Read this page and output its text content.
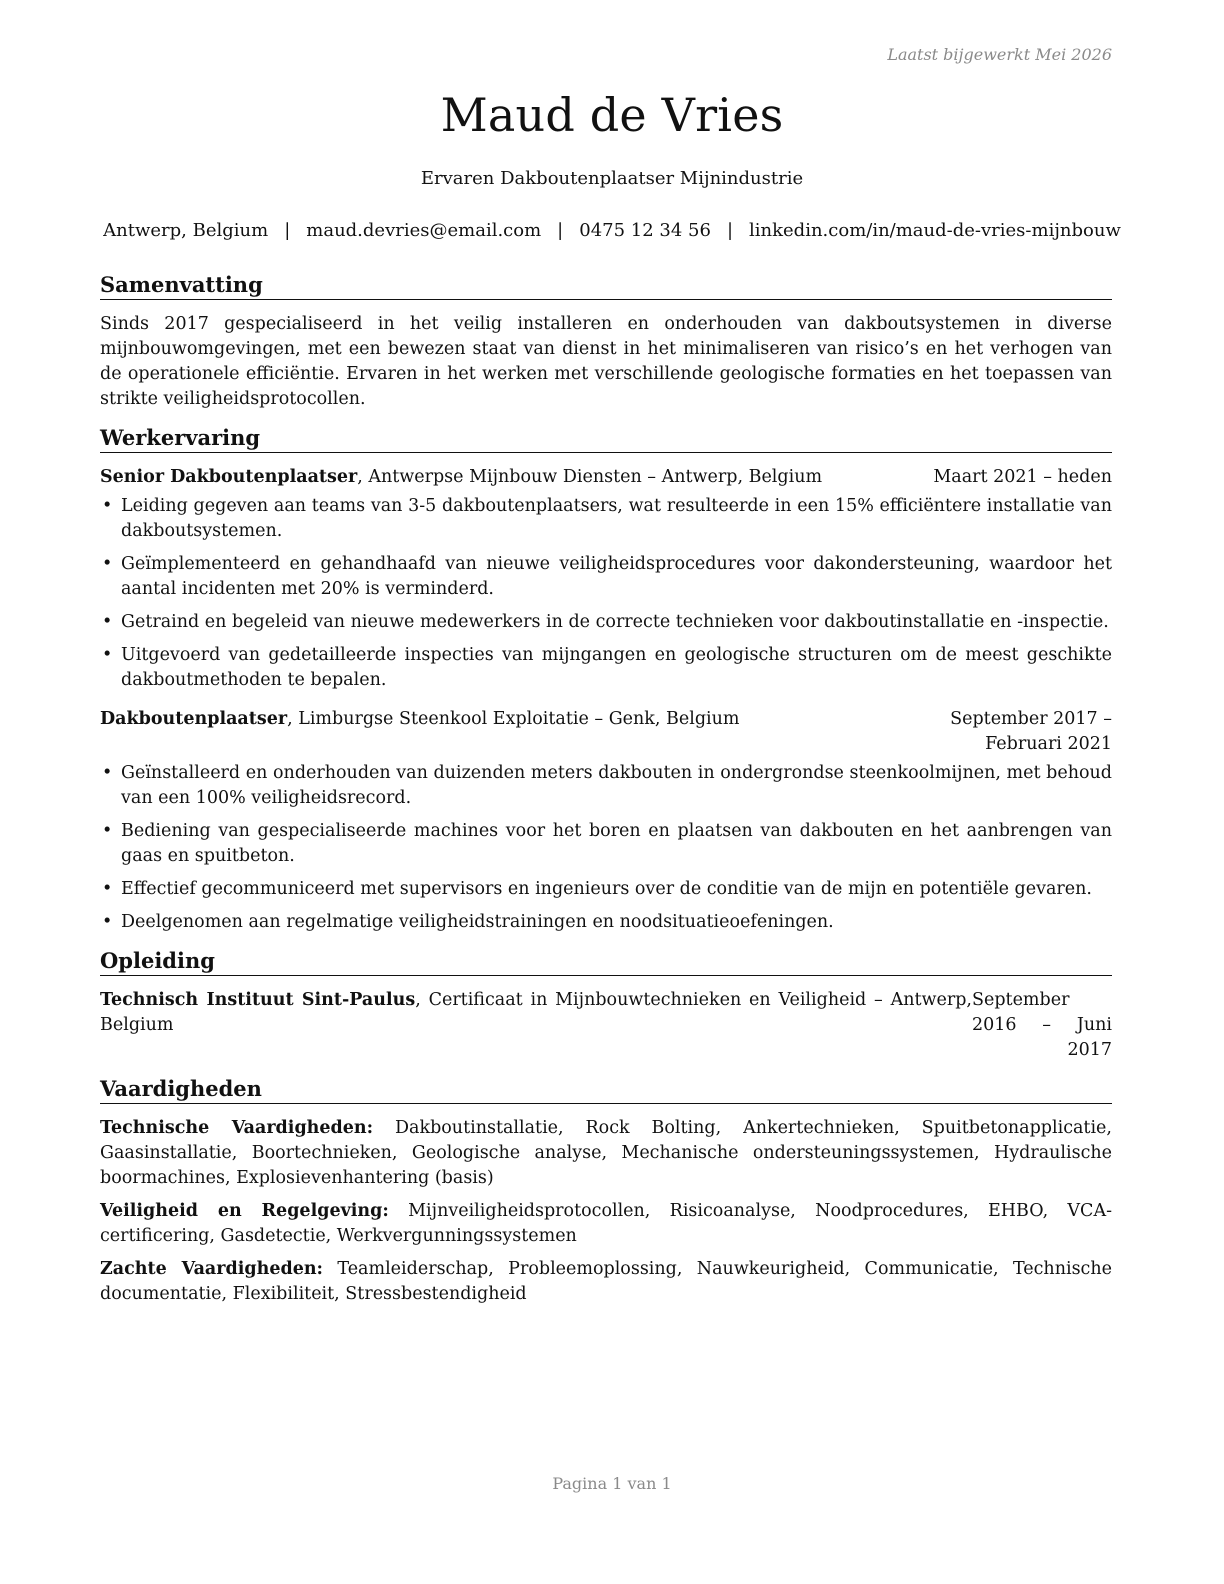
Laatst bijgewerkt Mei 2026
Maud de Vries
Ervaren Dakboutenplaatser Mijnindustrie
Antwerp, Belgium | maud.devries@email.com | 0475 12 34 56 | linkedin.com/in/maud-de-vries-mijnbouw
Samenvatting

Sinds 2017 gespecialiseerd in het veilig installeren en onderhouden van dakboutsystemen in diverse mijnbouwomgevingen, met een bewezen staat van dienst in het minimaliseren van risico’s en het verhogen van de operationele efficiëntie. Ervaren in het werken met verschillende geologische formaties en het toepassen van strikte veiligheidsprotocollen.

Werkervaring
Senior Dakboutenplaatser, Antwerpse Mijnbouw Diensten – Antwerp, Belgium	Maart 2021 – heden
• Leiding gegeven aan teams van 3-5 dakboutenplaatsers, wat resulteerde in een 15% efficiëntere installatie van dakboutsystemen.
• Geïmplementeerd en gehandhaafd van nieuwe veiligheidsprocedures voor dakondersteuning, waardoor het aantal incidenten met 20% is verminderd.
• Getraind en begeleid van nieuwe medewerkers in de correcte technieken voor dakboutinstallatie en -inspectie.
• Uitgevoerd van gedetailleerde inspecties van mijngangen en geologische structuren om de meest geschikte dakboutmethoden te bepalen.
Dakboutenplaatser, Limburgse Steenkool Exploitatie – Genk, Belgium	September 2017 – Februari 2021
• Geïnstalleerd en onderhouden van duizenden meters dakbouten in ondergrondse steenkoolmijnen, met behoud van een 100% veiligheidsrecord.
• Bediening van gespecialiseerde machines voor het boren en plaatsen van dakbouten en het aanbrengen van gaas en spuitbeton.
• Effectief gecommuniceerd met supervisors en ingenieurs over de conditie van de mijn en potentiële gevaren.
• Deelgenomen aan regelmatige veiligheidstrainingen en noodsituatieoefeningen.
Opleiding
Technisch Instituut Sint-Paulus, Certificaat in Mijnbouwtechnieken en Veiligheid – Antwerp, Belgium
September 2016 – Juni 2017
Vaardigheden

Technische Vaardigheden: Dakboutinstallatie, Rock Bolting, Ankertechnieken, Spuitbetonapplicatie, Gaasinstallatie, Boortechnieken, Geologische analyse, Mechanische ondersteuningssystemen, Hydraulische boormachines, Explosievenhantering (basis)

Veiligheid en Regelgeving: Mijnveiligheidsprotocollen, Risicoanalyse, Noodprocedures, EHBO, VCA-certificering, Gasdetectie, Werkvergunningssystemen

Zachte Vaardigheden: Teamleiderschap, Probleemoplossing, Nauwkeurigheid, Communicatie, Technische documentatie, Flexibiliteit, Stressbestendigheid

Pagina 1 van 1
